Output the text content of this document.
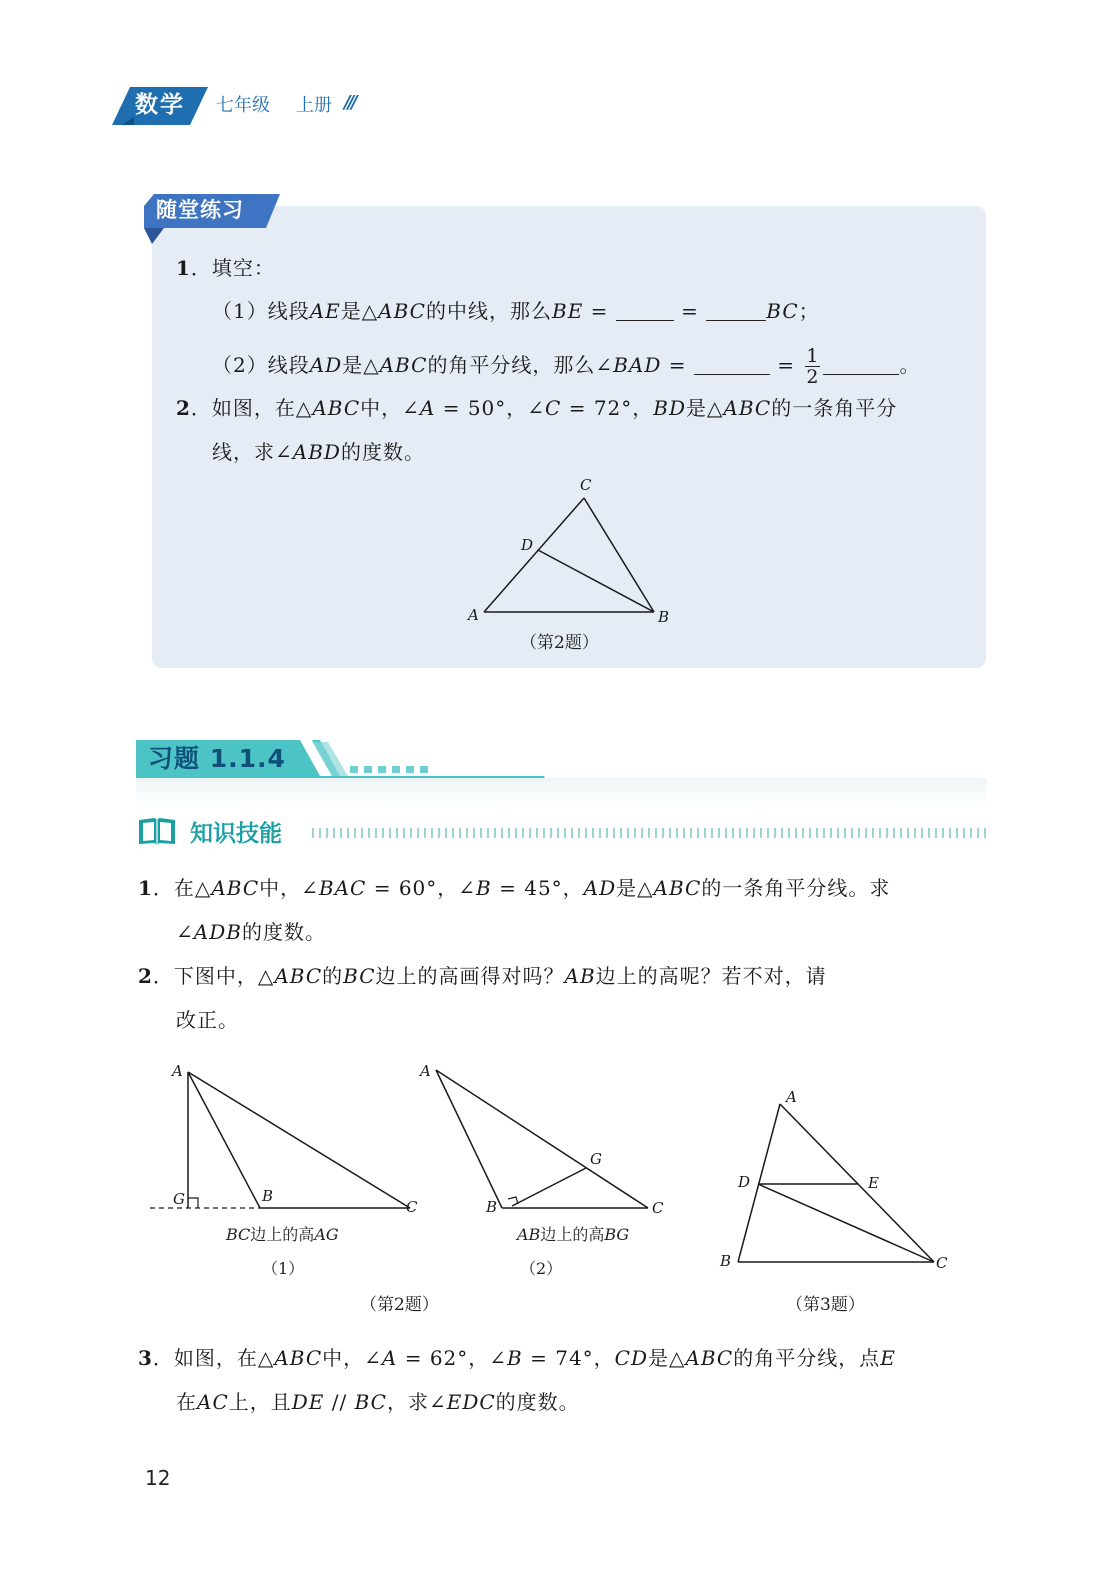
数学	七年级 上册 ///
随堂练习
1．填空：
（1）线段AE是△ABC的中线，那么BE =	=	BC；
（2）线段AD是△ABC的角平分线，那么∠BAD =	= $\frac{1}{2}$	。
2．如图，在△ABC中，∠A = 50°，∠C = 72°，BD是△ABC的一条角平分
线，求∠ABD的度数。
C
D
A	B
（第2题）
习题 1.1.4
知识技能
1．在△ABC中，∠BAC = 60°，∠B = 45°，AD是△ABC的一条角平分线。求
∠ADB的度数。
2．下图中，△ABC的BC边上的高画得对吗？AB边上的高呢？若不对，请
改正。
A
G	B
C
BC边上的高AG
（1）
A
G
B	C
AB边上的高BG
（2）
（第2题）
A
D	E
B	C
（第3题）
3．如图，在△ABC中，∠A = 62°，∠B = 74°，CD是△ABC的角平分线，点E
在AC上，且DE // BC，求∠EDC的度数。
12
